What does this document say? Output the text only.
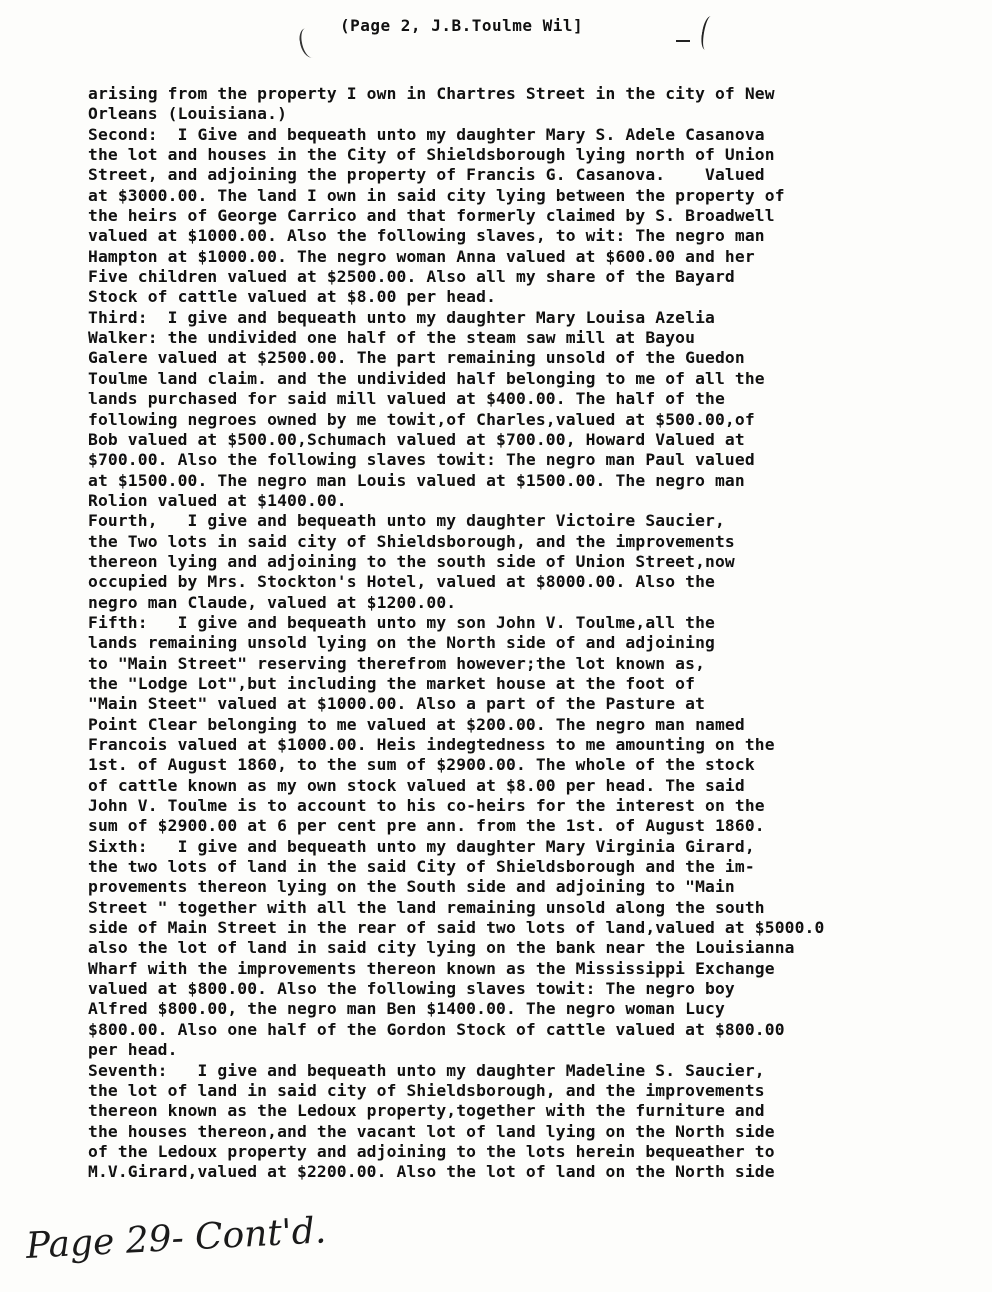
(Page 2, J.B.Toulme Wil]
arising from the property I own in Chartres Street in the city of New
Orleans (Louisiana.)
Second:  I Give and bequeath unto my daughter Mary S. Adele Casanova
the lot and houses in the City of Shieldsborough lying north of Union
Street, and adjoining the property of Francis G. Casanova.    Valued
at $3000.00. The land I own in said city lying between the property of
the heirs of George Carrico and that formerly claimed by S. Broadwell
valued at $1000.00. Also the following slaves, to wit: The negro man
Hampton at $1000.00. The negro woman Anna valued at $600.00 and her
Five children valued at $2500.00. Also all my share of the Bayard
Stock of cattle valued at $8.00 per head.
Third:  I give and bequeath unto my daughter Mary Louisa Azelia
Walker: the undivided one half of the steam saw mill at Bayou
Galere valued at $2500.00. The part remaining unsold of the Guedon
Toulme land claim. and the undivided half belonging to me of all the
lands purchased for said mill valued at $400.00. The half of the
following negroes owned by me towit,of Charles,valued at $500.00,of
Bob valued at $500.00,Schumach valued at $700.00, Howard Valued at
$700.00. Also the following slaves towit: The negro man Paul valued
at $1500.00. The negro man Louis valued at $1500.00. The negro man
Rolion valued at $1400.00.
Fourth,   I give and bequeath unto my daughter Victoire Saucier,
the Two lots in said city of Shieldsborough, and the improvements
thereon lying and adjoining to the south side of Union Street,now
occupied by Mrs. Stockton's Hotel, valued at $8000.00. Also the
negro man Claude, valued at $1200.00.
Fifth:   I give and bequeath unto my son John V. Toulme,all the
lands remaining unsold lying on the North side of and adjoining
to "Main Street" reserving therefrom however;the lot known as,
the "Lodge Lot",but including the market house at the foot of
"Main Steet" valued at $1000.00. Also a part of the Pasture at
Point Clear belonging to me valued at $200.00. The negro man named
Francois valued at $1000.00. Heis indegtedness to me amounting on the
1st. of August 1860, to the sum of $2900.00. The whole of the stock
of cattle known as my own stock valued at $8.00 per head. The said
John V. Toulme is to account to his co-heirs for the interest on the
sum of $2900.00 at 6 per cent pre ann. from the 1st. of August 1860.
Sixth:   I give and bequeath unto my daughter Mary Virginia Girard,
the two lots of land in the said City of Shieldsborough and the im-
provements thereon lying on the South side and adjoining to "Main
Street " together with all the land remaining unsold along the south
side of Main Street in the rear of said two lots of land,valued at $5000.0
also the lot of land in said city lying on the bank near the Louisianna
Wharf with the improvements thereon known as the Mississippi Exchange
valued at $800.00. Also the following slaves towit: The negro boy
Alfred $800.00, the negro man Ben $1400.00. The negro woman Lucy
$800.00. Also one half of the Gordon Stock of cattle valued at $800.00
per head.
Seventh:   I give and bequeath unto my daughter Madeline S. Saucier,
the lot of land in said city of Shieldsborough, and the improvements
thereon known as the Ledoux property,together with the furniture and
the houses thereon,and the vacant lot of land lying on the North side
of the Ledoux property and adjoining to the lots herein bequeather to
M.V.Girard,valued at $2200.00. Also the lot of land on the North side
Page 29- Cont'd.
